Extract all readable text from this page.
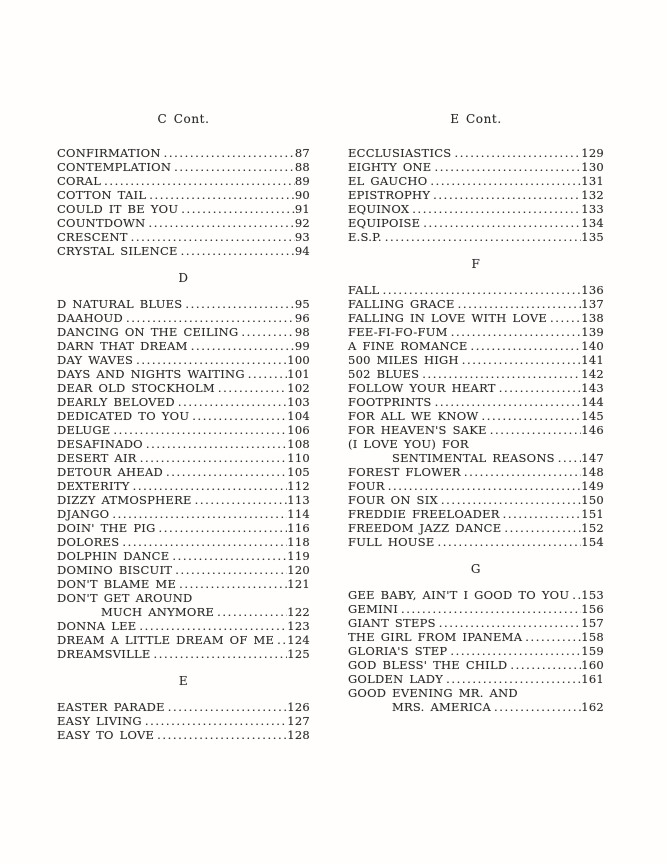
C Cont.
CONFIRMATION .....	87
CONTEMPLATION .....	88
CORAL .....	89
COTTON TAIL .....	90
COULD IT BE YOU .....	91
COUNTDOWN .....	92
CRESCENT .....	93
CRYSTAL SILENCE .....	94
D
D NATURAL BLUES .....	95
DAAHOUD .....	96
DANCING ON THE CEILING .....	98
DARN THAT DREAM .....	99
DAY WAVES .....	100
DAYS AND NIGHTS WAITING .....	101
DEAR OLD STOCKHOLM .....	102
DEARLY BELOVED .....	103
DEDICATED TO YOU .....	104
DELUGE .....	106
DESAFINADO .....	108
DESERT AIR .....	110
DETOUR AHEAD .....	105
DEXTERITY .....	112
DIZZY ATMOSPHERE .....	113
DJANGO .....	114
DOIN' THE PIG .....	116
DOLORES .....	118
DOLPHIN DANCE .....	119
DOMINO BISCUIT .....	120
DON'T BLAME ME .....	121
DON'T GET AROUND
MUCH ANYMORE .....	122
DONNA LEE .....	123
DREAM A LITTLE DREAM OF ME ..... 124
DREAMSVILLE .....	125
E
EASTER PARADE .....	126
EASY LIVING .....	127
EASY TO LOVE .....	128
E Cont.
ECCLUSIASTICS .....	129
EIGHTY ONE .....	130
EL GAUCHO .....	131
EPISTROPHY .....	132
EQUINOX .....	133
EQUIPOISE .....	134
E.S.P. .....	135
F
FALL .....	136
FALLING GRACE .....	137
FALLING IN LOVE WITH LOVE .....	138
FEE-FI-FO-FUM .....	139
A FINE ROMANCE .....	140
500 MILES HIGH .....	141
502 BLUES .....	142
FOLLOW YOUR HEART .....	143
FOOTPRINTS .....	144
FOR ALL WE KNOW .....	145
FOR HEAVEN'S SAKE .....	146
(I LOVE YOU) FOR
SENTIMENTAL REASONS ..... 147
FOREST FLOWER .....	148
FOUR .....	149
FOUR ON SIX .....	150
FREDDIE FREELOADER .....	151
FREEDOM JAZZ DANCE .....	152
FULL HOUSE .....	154
G
GEE BABY, AIN'T I GOOD TO YOU ..... 153
GEMINI .....	156
GIANT STEPS .....	157
THE GIRL FROM IPANEMA .....	158
GLORIA'S STEP .....	159
GOD BLESS' THE CHILD .....	160
GOLDEN LADY .....	161
GOOD EVENING MR. AND
MRS. AMERICA .....	162
